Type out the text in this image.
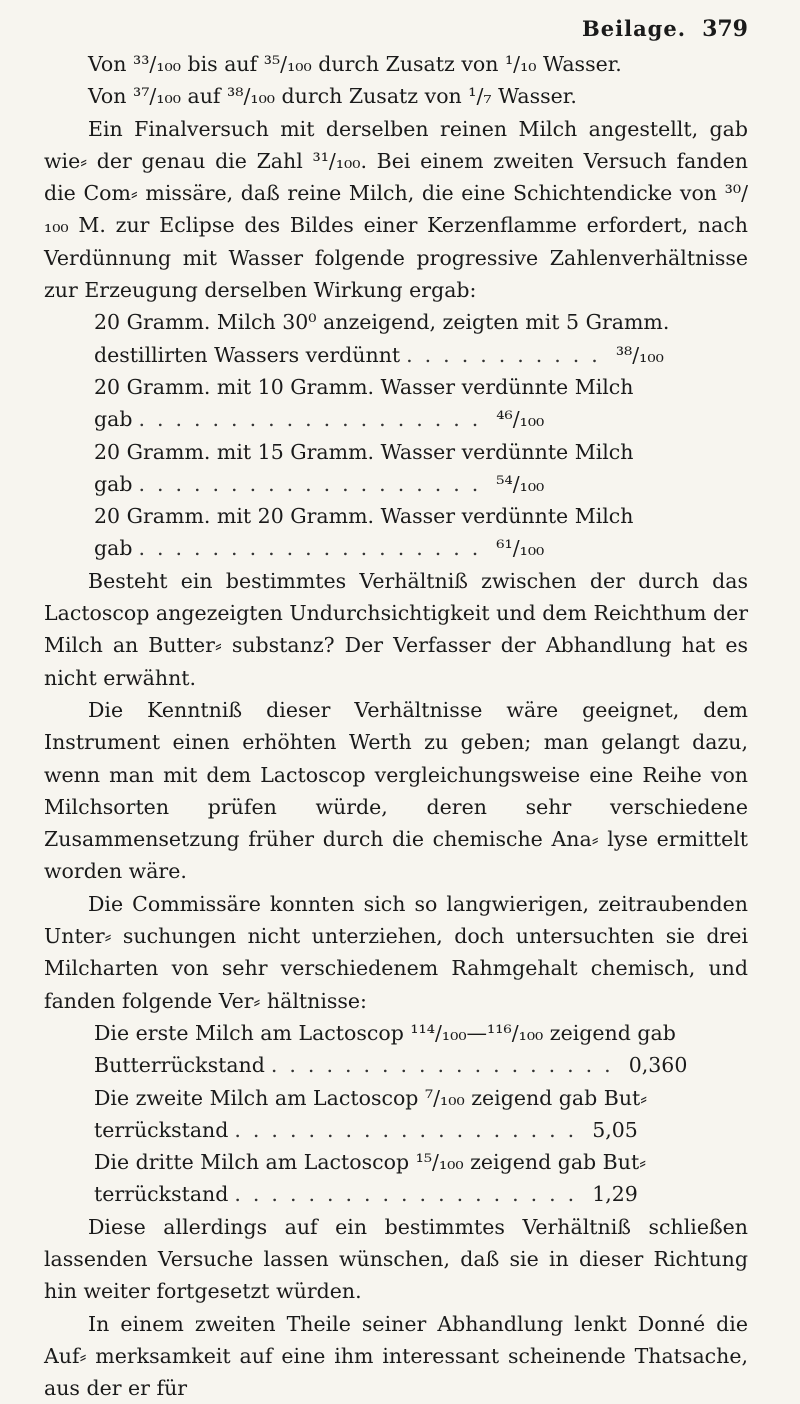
Beilage. 379

Von ³³/₁₀₀ bis auf ³⁵/₁₀₀ durch Zusatz von ¹/₁₀ Wasser.

Von ³⁷/₁₀₀ auf ³⁸/₁₀₀ durch Zusatz von ¹/₇ Wasser.

Ein Finalversuch mit derselben reinen Milch angestellt, gab wie⸗ der genau die Zahl ³¹/₁₀₀. Bei einem zweiten Versuch fanden die Com⸗ missäre, daß reine Milch, die eine Schichtendicke von ³⁰/₁₀₀ M. zur Eclipse des Bildes einer Kerzenflamme erfordert, nach Verdünnung mit Wasser folgende progressive Zahlenverhältnisse zur Erzeugung derselben Wirkung ergab:

20 Gramm. Milch 30⁰ anzeigend, zeigten mit 5 Gramm.
destillirten Wassers verdünnt ........... ³⁸/₁₀₀
20 Gramm. mit 10 Gramm. Wasser verdünnte Milch
gab ................... ⁴⁶/₁₀₀
20 Gramm. mit 15 Gramm. Wasser verdünnte Milch
gab ................... ⁵⁴/₁₀₀
20 Gramm. mit 20 Gramm. Wasser verdünnte Milch
gab ................... ⁶¹/₁₀₀

Besteht ein bestimmtes Verhältniß zwischen der durch das Lactoscop angezeigten Undurchsichtigkeit und dem Reichthum der Milch an Butter⸗ substanz? Der Verfasser der Abhandlung hat es nicht erwähnt.

Die Kenntniß dieser Verhältnisse wäre geeignet, dem Instrument einen erhöhten Werth zu geben; man gelangt dazu, wenn man mit dem Lactoscop vergleichungsweise eine Reihe von Milchsorten prüfen würde, deren sehr verschiedene Zusammensetzung früher durch die chemische Ana⸗ lyse ermittelt worden wäre.

Die Commissäre konnten sich so langwierigen, zeitraubenden Unter⸗ suchungen nicht unterziehen, doch untersuchten sie drei Milcharten von sehr verschiedenem Rahmgehalt chemisch, und fanden folgende Ver⸗ hältnisse:

Die erste Milch am Lactoscop ¹¹⁴/₁₀₀—¹¹⁶/₁₀₀ zeigend gab
Butterrückstand ................... 0,360
Die zweite Milch am Lactoscop ⁷/₁₀₀ zeigend gab But⸗
terrückstand ................... 5,05
Die dritte Milch am Lactoscop ¹⁵/₁₀₀ zeigend gab But⸗
terrückstand ................... 1,29

Diese allerdings auf ein bestimmtes Verhältniß schließen lassenden Versuche lassen wünschen, daß sie in dieser Richtung hin weiter fortgesetzt würden.

In einem zweiten Theile seiner Abhandlung lenkt Donné die Auf⸗ merksamkeit auf eine ihm interessant scheinende Thatsache, aus der er für
